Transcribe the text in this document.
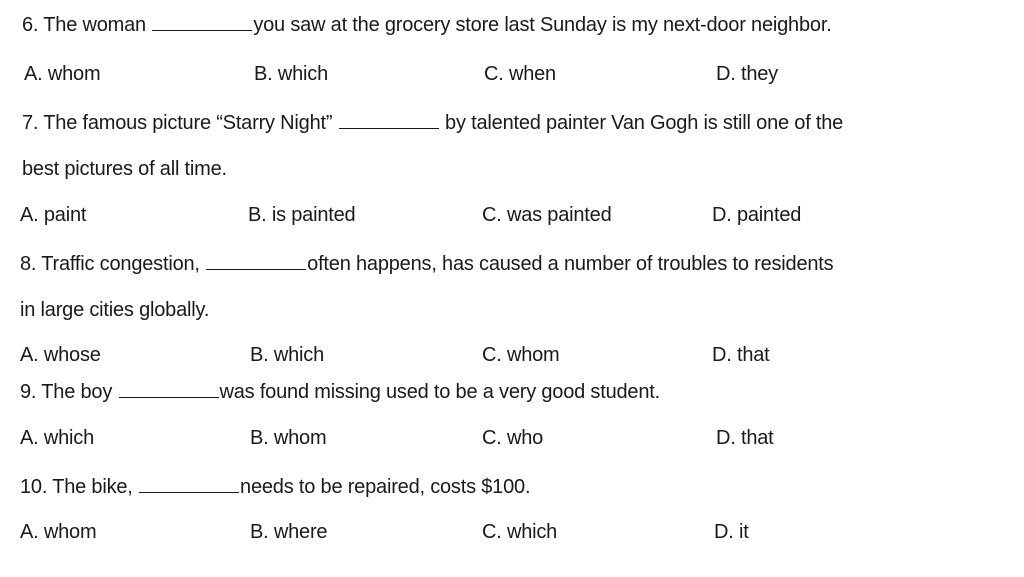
6. The woman	you saw at the grocery store last Sunday is my next-door neighbor.
A. whom	B. which	C. when	D. they
7. The famous picture “Starry Night”	by talented painter Van Gogh is still one of the
best pictures of all time.
A. paint	B. is painted	C. was painted	D. painted
8. Traffic congestion,	often happens, has caused a number of troubles to residents
in large cities globally.
A. whose	B. which	C. whom	D. that
9. The boy	was found missing used to be a very good student.
A. which	B. whom	C. who	D. that
10. The bike,	needs to be repaired, costs $100.
A. whom	B. where	C. which	D. it
